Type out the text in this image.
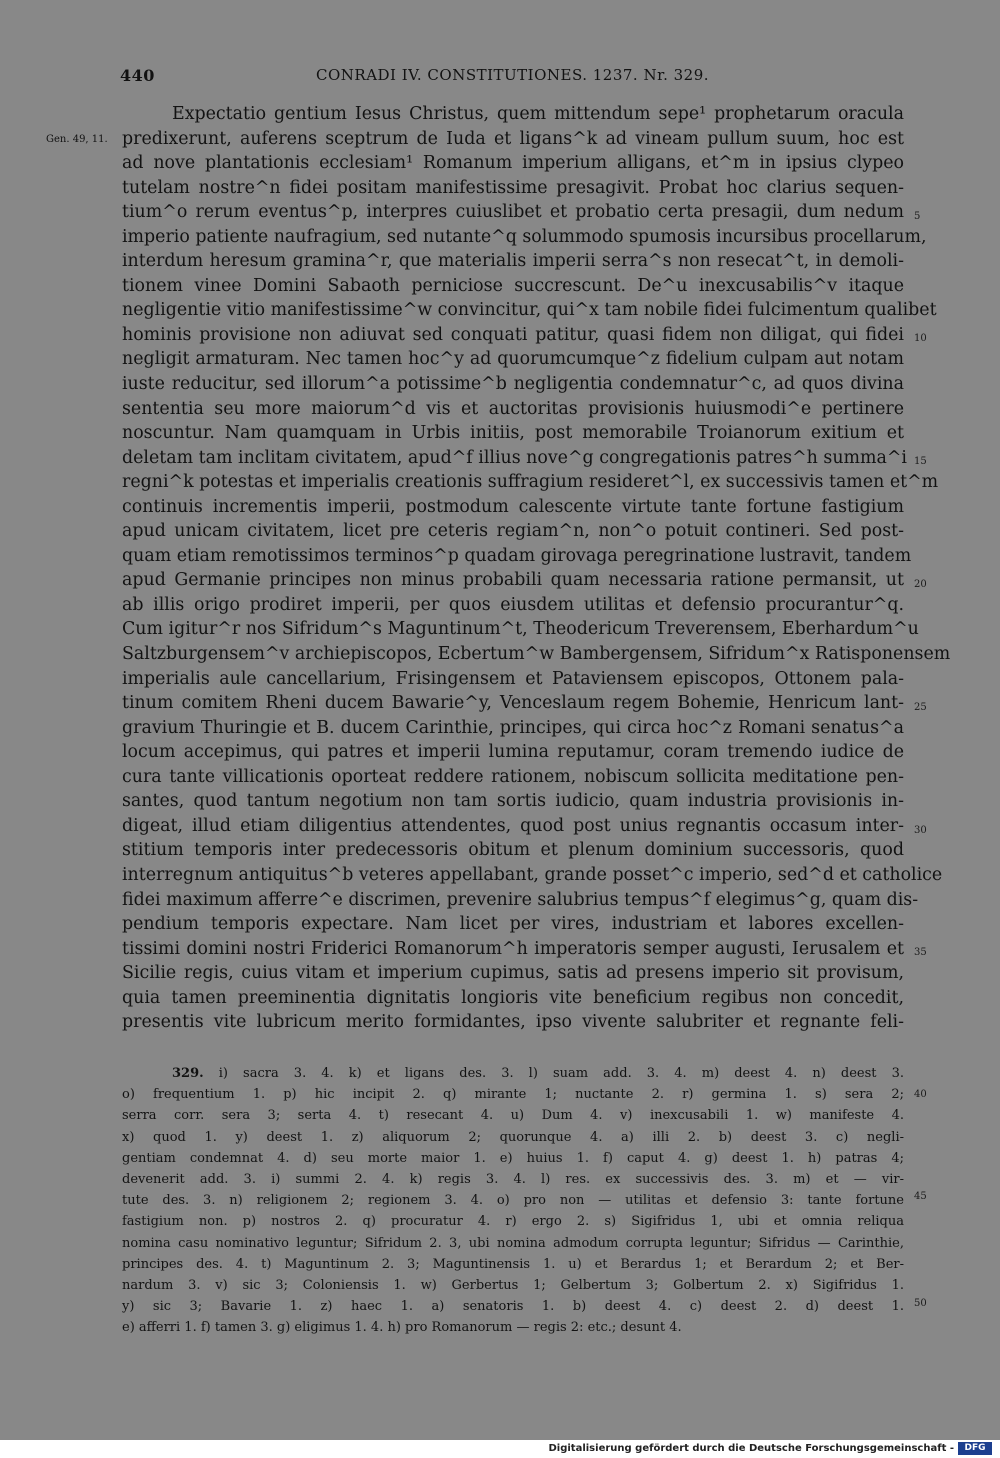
440	CONRADI IV. CONSTITUTIONES. 1237. Nr. 329.
Gen. 49, 11.
Expectatio gentium Iesus Christus, quem mittendum sepe¹ prophetarum oracula
predixerunt, auferens sceptrum de Iuda et ligans^k ad vineam pullum suum, hoc est
ad nove plantationis ecclesiam¹ Romanum imperium alligans, et^m in ipsius clypeo
tutelam nostre^n fidei positam manifestissime presagivit. Probat hoc clarius sequen-
tium^o rerum eventus^p, interpres cuiuslibet et probatio certa presagii, dum nedum
imperio patiente naufragium, sed nutante^q solummodo spumosis incursibus procellarum,
interdum heresum gramina^r, que materialis imperii serra^s non resecat^t, in demoli-
tionem vinee Domini Sabaoth perniciose succrescunt. De^u inexcusabilis^v itaque
negligentie vitio manifestissime^w convincitur, qui^x tam nobile fidei fulcimentum qualibet
hominis provisione non adiuvat sed conquati patitur, quasi fidem non diligat, qui fidei
negligit armaturam. Nec tamen hoc^y ad quorumcumque^z fidelium culpam aut notam
iuste reducitur, sed illorum^a potissime^b negligentia condemnatur^c, ad quos divina
sententia seu more maiorum^d vis et auctoritas provisionis huiusmodi^e pertinere
noscuntur. Nam quamquam in Urbis initiis, post memorabile Troianorum exitium et
deletam tam inclitam civitatem, apud^f illius nove^g congregationis patres^h summa^i
regni^k potestas et imperialis creationis suffragium resideret^l, ex successivis tamen et^m
continuis incrementis imperii, postmodum calescente virtute tante fortune fastigium
apud unicam civitatem, licet pre ceteris regiam^n, non^o potuit contineri. Sed post-
quam etiam remotissimos terminos^p quadam girovaga peregrinatione lustravit, tandem
apud Germanie principes non minus probabili quam necessaria ratione permansit, ut
ab illis origo prodiret imperii, per quos eiusdem utilitas et defensio procurantur^q.
Cum igitur^r nos Sifridum^s Maguntinum^t, Theodericum Treverensem, Eberhardum^u
Saltzburgensem^v archiepiscopos, Ecbertum^w Bambergensem, Sifridum^x Ratisponensem
imperialis aule cancellarium, Frisingensem et Pataviensem episcopos, Ottonem pala-
tinum comitem Rheni ducem Bawarie^y, Venceslaum regem Bohemie, Henricum lant-
gravium Thuringie et B. ducem Carinthie, principes, qui circa hoc^z Romani senatus^a
locum accepimus, qui patres et imperii lumina reputamur, coram tremendo iudice de
cura tante villicationis oporteat reddere rationem, nobiscum sollicita meditatione pen-
santes, quod tantum negotium non tam sortis iudicio, quam industria provisionis in-
digeat, illud etiam diligentius attendentes, quod post unius regnantis occasum inter-
stitium temporis inter predecessoris obitum et plenum dominium successoris, quod
interregnum antiquitus^b veteres appellabant, grande posset^c imperio, sed^d et catholice
fidei maximum afferre^e discrimen, prevenire salubrius tempus^f elegimus^g, quam dis-
pendium temporis expectare. Nam licet per vires, industriam et labores excellen-
tissimi domini nostri Friderici Romanorum^h imperatoris semper augusti, Ierusalem et
Sicilie regis, cuius vitam et imperium cupimus, satis ad presens imperio sit provisum,
quia tamen preeminentia dignitatis longioris vite beneficium regibus non concedit,
presentis vite lubricum merito formidantes, ipso vivente salubriter et regnante feli-
5
10
15
20
25
30
35
329. i) sacra 3. 4. k) et ligans des. 3. l) suam add. 3. 4. m) deest 4. n) deest 3.
o) frequentium 1. p) hic incipit 2. q) mirante 1; nuctante 2. r) germina 1. s) sera 2;
serra corr. sera 3; serta 4. t) resecant 4. u) Dum 4. v) inexcusabili 1. w) manifeste 4.
x) quod 1. y) deest 1. z) aliquorum 2; quorunque 4. a) illi 2. b) deest 3. c) negli-
gentiam condemnat 4. d) seu morte maior 1. e) huius 1. f) caput 4. g) deest 1. h) patras 4;
devenerit add. 3. i) summi 2. 4. k) regis 3. 4. l) res. ex successivis des. 3. m) et — vir-
tute des. 3. n) religionem 2; regionem 3. 4. o) pro non — utilitas et defensio 3: tante fortune
fastigium non. p) nostros 2. q) procuratur 4. r) ergo 2. s) Sigifridus 1, ubi et omnia reliqua
nomina casu nominativo leguntur; Sifridum 2. 3, ubi nomina admodum corrupta leguntur; Sifridus — Carinthie,
principes des. 4. t) Maguntinum 2. 3; Maguntinensis 1. u) et Berardus 1; et Berardum 2; et Ber-
nardum 3. v) sic 3; Coloniensis 1. w) Gerbertus 1; Gelbertum 3; Golbertum 2. x) Sigifridus 1.
y) sic 3; Bavarie 1. z) haec 1. a) senatoris 1. b) deest 4. c) deest 2. d) deest 1.
e) afferri 1. f) tamen 3. g) eligimus 1. 4. h) pro Romanorum — regis 2: etc.; desunt 4.
40
45
50
Digitalisierung gefördert durch die Deutsche Forschungsgemeinschaft -	DFG
